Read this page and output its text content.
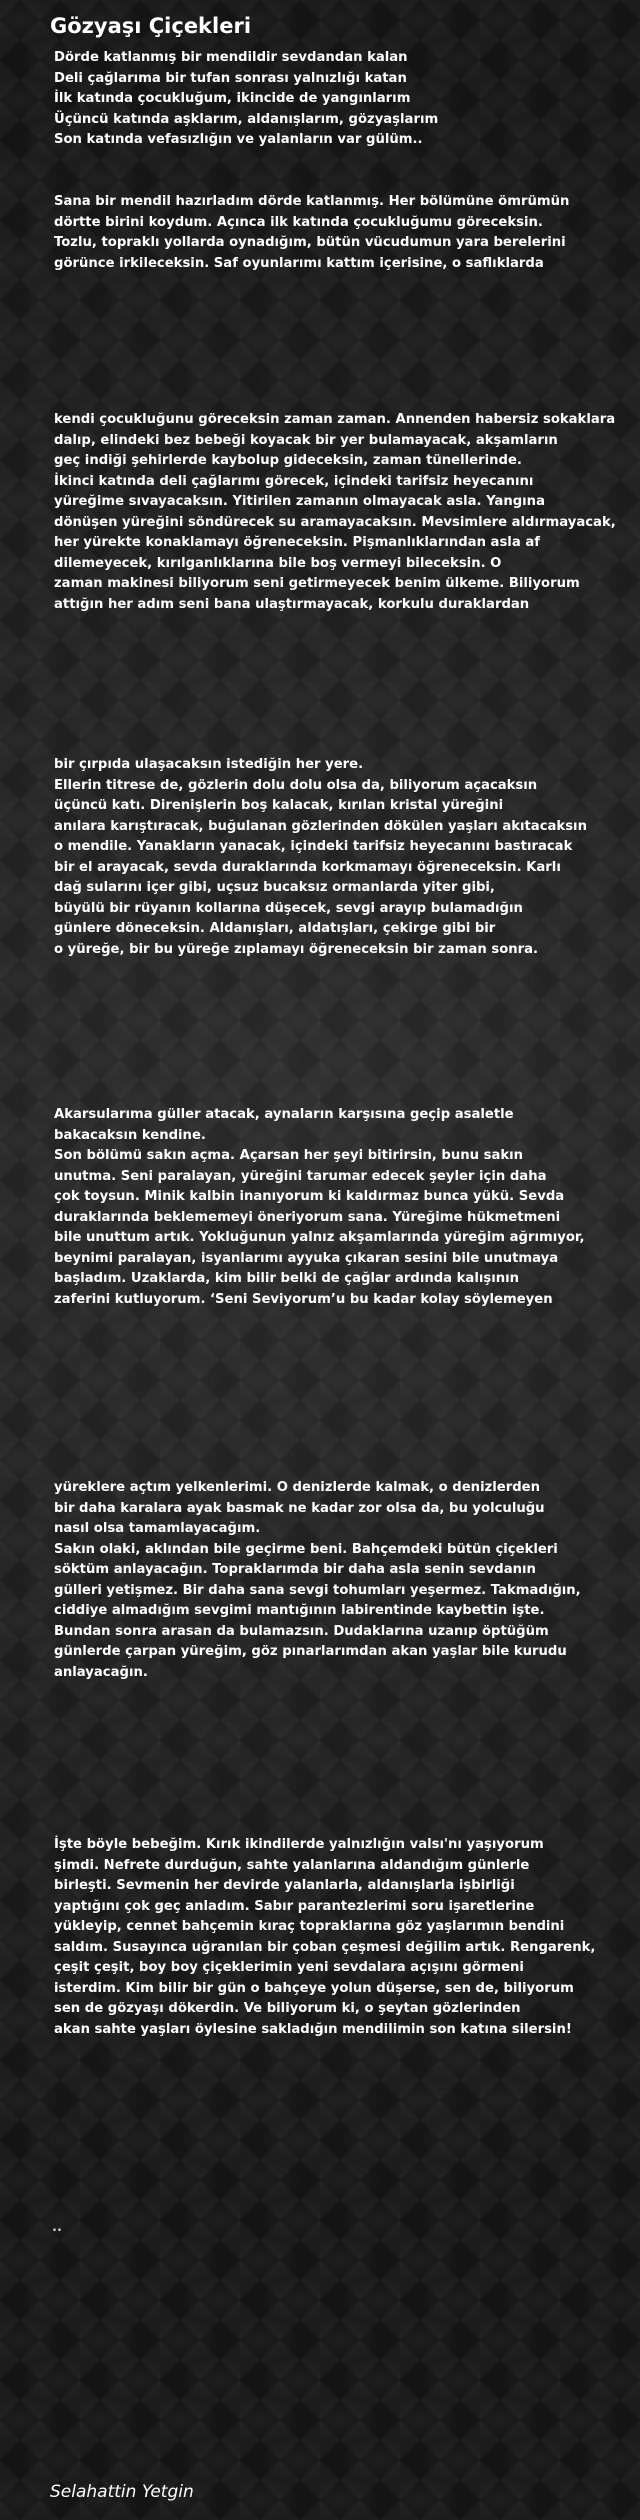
Gözyaşı Çiçekleri
Dörde katlanmış bir mendildir sevdandan kalan
Deli çağlarıma bir tufan sonrası yalnızlığı katan
İlk katında çocukluğum, ikincide de yangınlarım
Üçüncü katında aşklarım, aldanışlarım, gözyaşlarım
Son katında vefasızlığın ve yalanların var gülüm..
Sana bir mendil hazırladım dörde katlanmış. Her bölümüne ömrümün
dörtte birini koydum. Açınca ilk katında çocukluğumu göreceksin.
Tozlu, topraklı yollarda oynadığım, bütün vücudumun yara berelerini
görünce irkileceksin. Saf oyunlarımı kattım içerisine, o saflıklarda
kendi çocukluğunu göreceksin zaman zaman. Annenden habersiz sokaklara
dalıp, elindeki bez bebeği koyacak bir yer bulamayacak, akşamların
geç indiği şehirlerde kaybolup gideceksin, zaman tünellerinde.
İkinci katında deli çağlarımı görecek, içindeki tarifsiz heyecanını
yüreğime sıvayacaksın. Yitirilen zamanın olmayacak asla. Yangına
dönüşen yüreğini söndürecek su aramayacaksın. Mevsimlere aldırmayacak,
her yürekte konaklamayı öğreneceksin. Pişmanlıklarından asla af
dilemeyecek, kırılganlıklarına bile boş vermeyi bileceksin. O
zaman makinesi biliyorum seni getirmeyecek benim ülkeme. Biliyorum
attığın her adım seni bana ulaştırmayacak, korkulu duraklardan
bir çırpıda ulaşacaksın istediğin her yere.
Ellerin titrese de, gözlerin dolu dolu olsa da, biliyorum açacaksın
üçüncü katı. Direnişlerin boş kalacak, kırılan kristal yüreğini
anılara karıştıracak, buğulanan gözlerinden dökülen yaşları akıtacaksın
o mendile. Yanakların yanacak, içindeki tarifsiz heyecanını bastıracak
bir el arayacak, sevda duraklarında korkmamayı öğreneceksin. Karlı
dağ sularını içer gibi, uçsuz bucaksız ormanlarda yiter gibi,
büyülü bir rüyanın kollarına düşecek, sevgi arayıp bulamadığın
günlere döneceksin. Aldanışları, aldatışları, çekirge gibi bir
o yüreğe, bir bu yüreğe zıplamayı öğreneceksin bir zaman sonra.
Akarsularıma güller atacak, aynaların karşısına geçip asaletle
bakacaksın kendine.
Son bölümü sakın açma. Açarsan her şeyi bitirirsin, bunu sakın
unutma. Seni paralayan, yüreğini tarumar edecek şeyler için daha
çok toysun. Minik kalbin inanıyorum ki kaldırmaz bunca yükü. Sevda
duraklarında beklememeyi öneriyorum sana. Yüreğime hükmetmeni
bile unuttum artık. Yokluğunun yalnız akşamlarında yüreğim ağrımıyor,
beynimi paralayan, isyanlarımı ayyuka çıkaran sesini bile unutmaya
başladım. Uzaklarda, kim bilir belki de çağlar ardında kalışının
zaferini kutluyorum. ‘Seni Seviyorum’u bu kadar kolay söylemeyen
yüreklere açtım yelkenlerimi. O denizlerde kalmak, o denizlerden
bir daha karalara ayak basmak ne kadar zor olsa da, bu yolculuğu
nasıl olsa tamamlayacağım.
Sakın olaki, aklından bile geçirme beni. Bahçemdeki bütün çiçekleri
söktüm anlayacağın. Topraklarımda bir daha asla senin sevdanın
gülleri yetişmez. Bir daha sana sevgi tohumları yeşermez. Takmadığın,
ciddiye almadığım sevgimi mantığının labirentinde kaybettin işte.
Bundan sonra arasan da bulamazsın. Dudaklarına uzanıp öptüğüm
günlerde çarpan yüreğim, göz pınarlarımdan akan yaşlar bile kurudu
anlayacağın.
İşte böyle bebeğim. Kırık ikindilerde yalnızlığın valsı'nı yaşıyorum
şimdi. Nefrete durduğun, sahte yalanlarına aldandığım günlerle
birleşti. Sevmenin her devirde yalanlarla, aldanışlarla işbirliği
yaptığını çok geç anladım. Sabır parantezlerimi soru işaretlerine
yükleyip, cennet bahçemin kıraç topraklarına göz yaşlarımın bendini
saldım. Susayınca uğranılan bir çoban çeşmesi değilim artık. Rengarenk,
çeşit çeşit, boy boy çiçeklerimin yeni sevdalara açışını görmeni
isterdim. Kim bilir bir gün o bahçeye yolun düşerse, sen de, biliyorum
sen de gözyaşı dökerdin. Ve biliyorum ki, o şeytan gözlerinden
akan sahte yaşları öylesine sakladığın mendilimin son katına silersin!
..
Selahattin Yetgin
